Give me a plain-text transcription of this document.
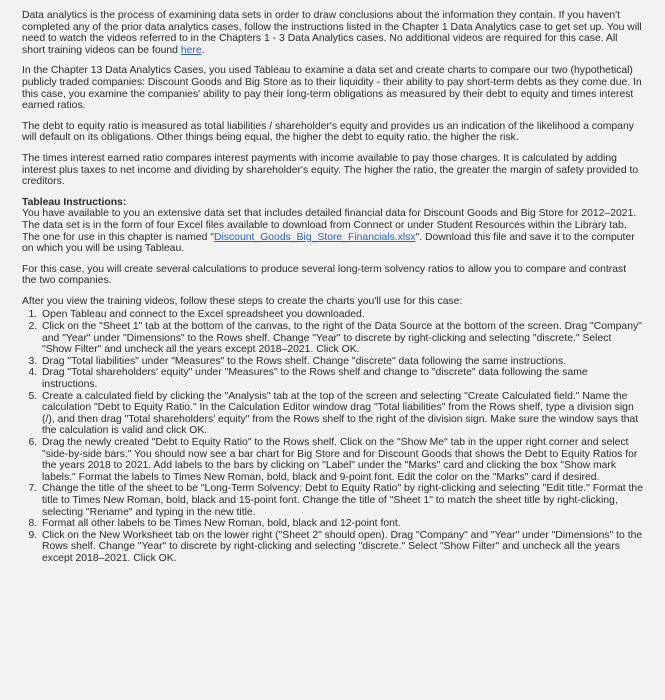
Data analytics is the process of examining data sets in order to draw conclusions about the information they contain. If you haven't completed any of the prior data analytics cases, follow the instructions listed in the Chapter 1 Data Analytics case to get set up. You will need to watch the videos referred to in the Chapters 1 - 3 Data Analytics cases. No additional videos are required for this case. All short training videos can be found here.

In the Chapter 13 Data Analytics Cases, you used Tableau to examine a data set and create charts to compare our two (hypothetical) publicly traded companies: Discount Goods and Big Store as to their liquidity - their ability to pay short-term debts as they come due. In this case, you examine the companies' ability to pay their long-term obligations as measured by their debt to equity and times interest earned ratios.

The debt to equity ratio is measured as total liabilities / shareholder's equity and provides us an indication of the likelihood a company will default on its obligations. Other things being equal, the higher the debt to equity ratio, the higher the risk.

The times interest earned ratio compares interest payments with income available to pay those charges. It is calculated by adding interest plus taxes to net income and dividing by shareholder's equity. The higher the ratio, the greater the margin of safety provided to creditors.

Tableau Instructions:

You have available to you an extensive data set that includes detailed financial data for Discount Goods and Big Store for 2012–2021. The data set is in the form of four Excel files available to download from Connect or under Student Resources within the Library tab. The one for use in this chapter is named "Discount_Goods_Big_Store_Financials.xlsx". Download this file and save it to the computer on which you will be using Tableau.

For this case, you will create several calculations to produce several long-term solvency ratios to allow you to compare and contrast the two companies.

After you view the training videos, follow these steps to create the charts you'll use for this case:

1. Open Tableau and connect to the Excel spreadsheet you downloaded.
2. Click on the "Sheet 1" tab at the bottom of the canvas, to the right of the Data Source at the bottom of the screen. Drag "Company" and "Year" under "Dimensions" to the Rows shelf. Change "Year" to discrete by right-clicking and selecting "discrete." Select "Show Filter" and uncheck all the years except 2018–2021. Click OK.
3. Drag "Total liabilities" under "Measures" to the Rows shelf. Change "discrete" data following the same instructions.
4. Drag "Total shareholders' equity" under "Measures" to the Rows shelf and change to "discrete" data following the same instructions.
5. Create a calculated field by clicking the "Analysis" tab at the top of the screen and selecting "Create Calculated field." Name the calculation "Debt to Equity Ratio." In the Calculation Editor window drag "Total liabilities" from the Rows shelf, type a division sign (/), and then drag "Total shareholders' equity" from the Rows shelf to the right of the division sign. Make sure the window says that the calculation is valid and click OK.
6. Drag the newly created "Debt to Equity Ratio" to the Rows shelf. Click on the "Show Me" tab in the upper right corner and select "side-by-side bars." You should now see a bar chart for Big Store and for Discount Goods that shows the Debt to Equity Ratios for the years 2018 to 2021. Add labels to the bars by clicking on "Label" under the "Marks" card and clicking the box "Show mark labels." Format the labels to Times New Roman, bold, black and 9-point font. Edit the color on the "Marks" card if desired.
7. Change the title of the sheet to be "Long-Term Solvency: Debt to Equity Ratio" by right-clicking and selecting "Edit title." Format the title to Times New Roman, bold, black and 15-point font. Change the title of "Sheet 1" to match the sheet title by right-clicking, selecting "Rename" and typing in the new title.
8. Format all other labels to be Times New Roman, bold, black and 12-point font.
9. Click on the New Worksheet tab on the lower right ("Sheet 2" should open). Drag "Company" and "Year" under "Dimensions" to the Rows shelf. Change "Year" to discrete by right-clicking and selecting "discrete." Select "Show Filter" and uncheck all the years except 2018–2021. Click OK.
